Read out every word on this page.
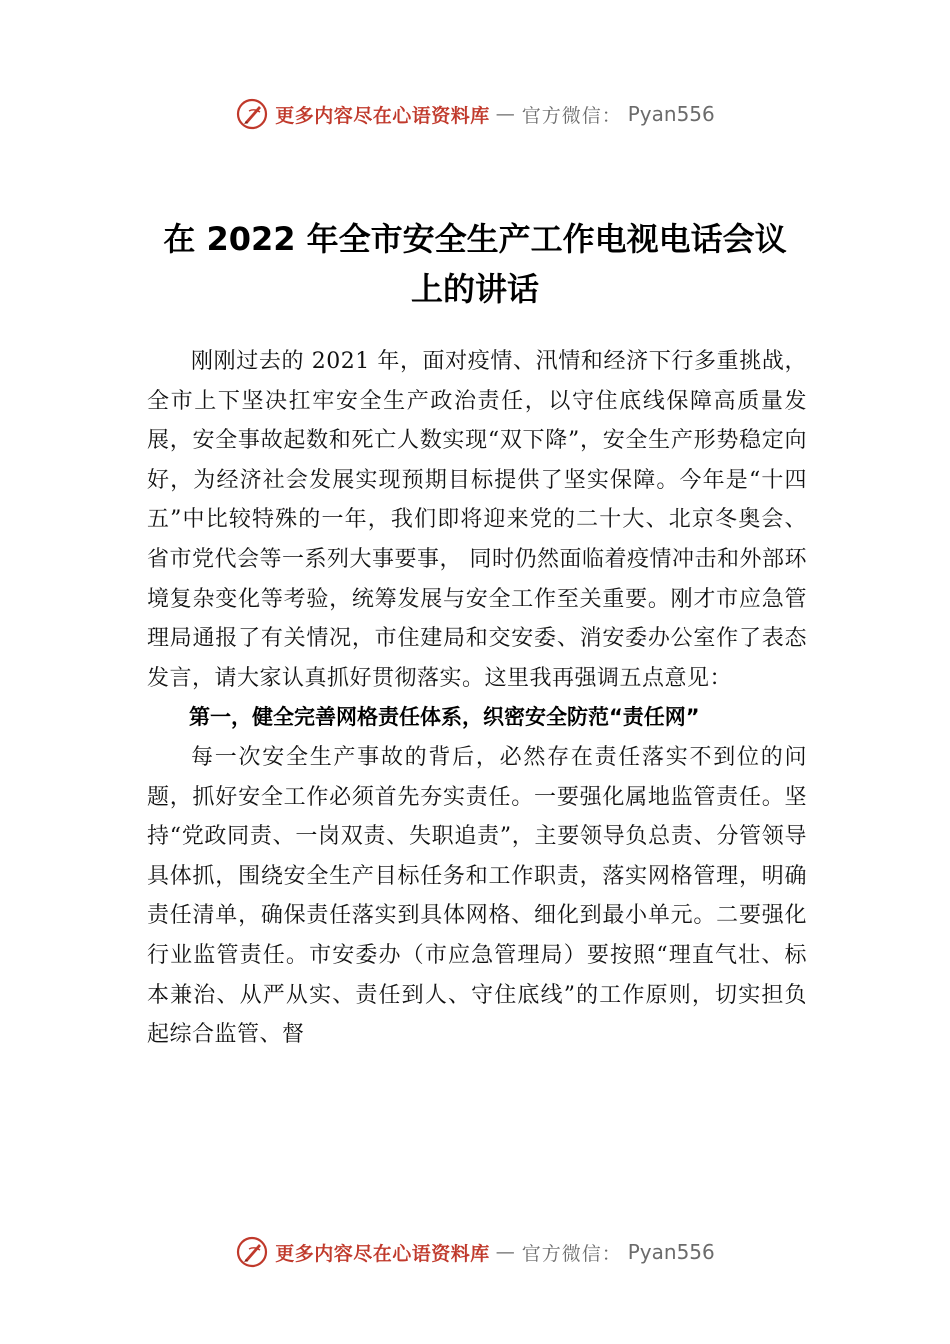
更多内容尽在心语资料库 — 官方微信： Pyan556
在 2022 年全市安全生产工作电视电话会议
上的讲话

刚刚过去的 2021 年，面对疫情、汛情和经济下行多重挑战，全市上下坚决扛牢安全生产政治责任，以守住底线保障高质量发展，安全事故起数和死亡人数实现“双下降”，安全生产形势稳定向好，为经济社会发展实现预期目标提供了坚实保障。今年是“十四五”中比较特殊的一年，我们即将迎来党的二十大、北京冬奥会、省市党代会等一系列大事要事， 同时仍然面临着疫情冲击和外部环境复杂变化等考验，统筹发展与安全工作至关重要。刚才市应急管理局通报了有关情况，市住建局和交安委、消安委办公室作了表态发言，请大家认真抓好贯彻落实。这里我再强调五点意见：

第一，健全完善网格责任体系，织密安全防范“责任网”

每一次安全生产事故的背后，必然存在责任落实不到位的问题，抓好安全工作必须首先夯实责任。一要强化属地监管责任。坚持“党政同责、一岗双责、失职追责”，主要领导负总责、分管领导具体抓，围绕安全生产目标任务和工作职责，落实网格管理，明确责任清单，确保责任落实到具体网格、细化到最小单元。二要强化行业监管责任。市安委办（市应急管理局）要按照“理直气壮、标本兼治、从严从实、责任到人、守住底线”的工作原则，切实担负起综合监管、督

更多内容尽在心语资料库 — 官方微信： Pyan556
